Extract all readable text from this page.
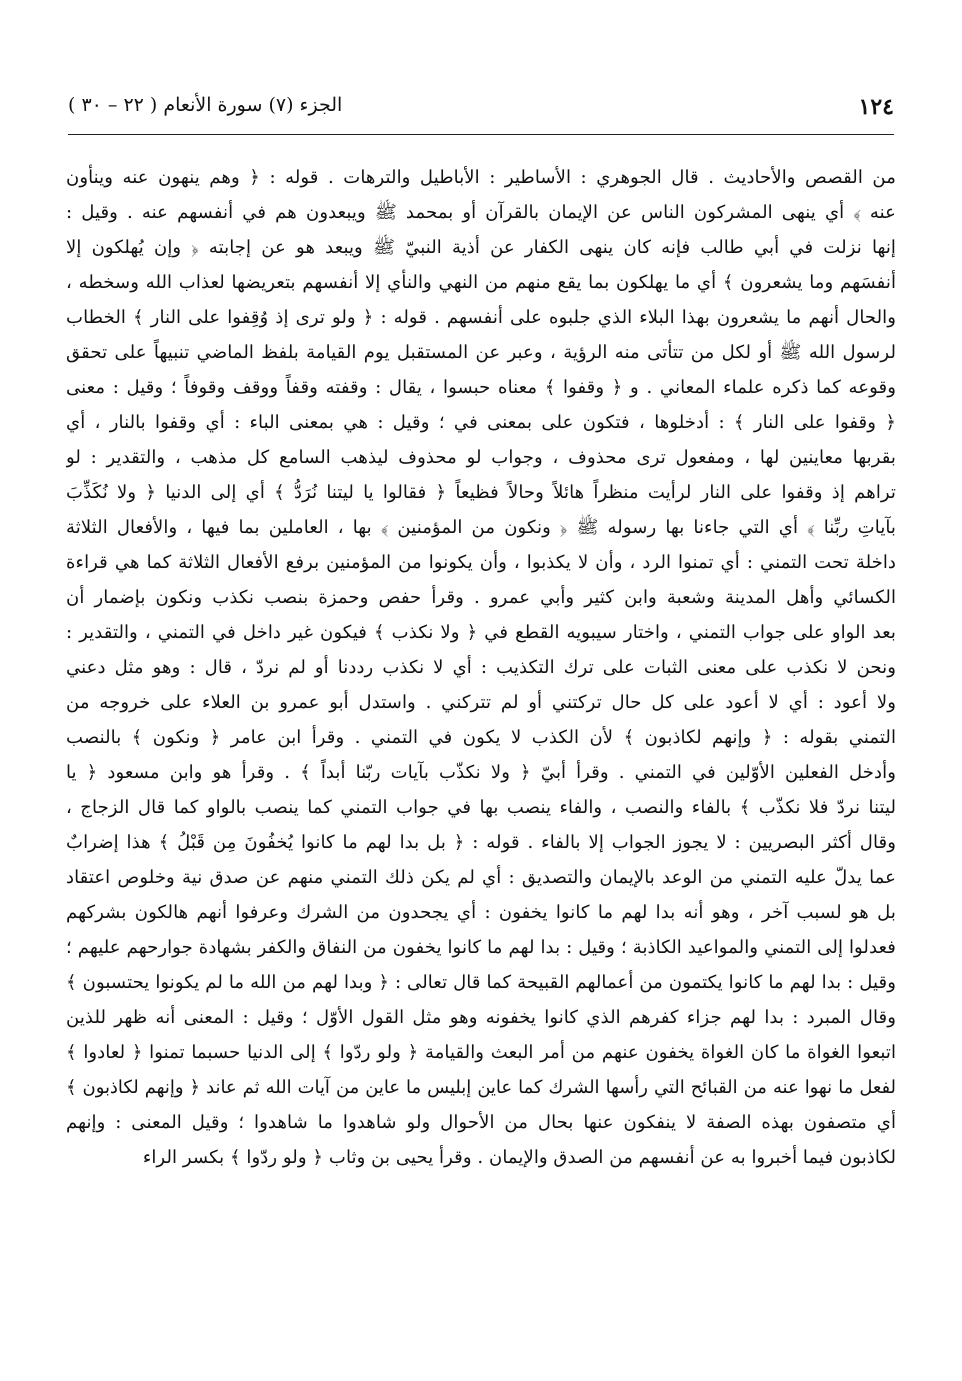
١٢٤
الجزء (٧) سورة الأنعام ( ٢٢ – ٣٠ )
من القصص والأحاديث . قال الجوهري : الأساطير : الأباطيل والترهات . قوله : ﴿ وهم ينهون عنه وينأون
عنه ﴾ أي ينهى المشركون الناس عن الإيمان بالقرآن أو بمحمد ﷺ ويبعدون هم في أنفسهم عنه . وقيل :
إنها نزلت في أبي طالب فإنه كان ينهى الكفار عن أذية النبيّ ﷺ ويبعد هو عن إجابته ﴿ وإن يُهلكون إلا
أنفسَهم وما يشعرون ﴾ أي ما يهلكون بما يقع منهم من النهي والنأي إلا أنفسهم بتعريضها لعذاب الله وسخطه ،
والحال أنهم ما يشعرون بهذا البلاء الذي جلبوه على أنفسهم . قوله : ﴿ ولو ترى إذ وُقِفوا على النار ﴾ الخطاب
لرسول الله ﷺ أو لكل من تتأتى منه الرؤية ، وعبر عن المستقبل يوم القيامة بلفظ الماضي تنبيهاً على تحقق
وقوعه كما ذكره علماء المعاني . و ﴿ وقفوا ﴾ معناه حبسوا ، يقال : وقفته وقفاً ووقف وقوفاً ؛ وقيل : معنى
﴿ وقفوا على النار ﴾ : أدخلوها ، فتكون على بمعنى في ؛ وقيل : هي بمعنى الباء : أي وقفوا بالنار ، أي
بقربها معاينين لها ، ومفعول ترى محذوف ، وجواب لو محذوف ليذهب السامع كل مذهب ، والتقدير : لو
تراهم إذ وقفوا على النار لرأيت منظراً هائلاً وحالاً فظيعاً ﴿ فقالوا يا ليتنا نُرَدُّ ﴾ أي إلى الدنيا ﴿ ولا نُكَذِّبَ
بآياتِ ربِّنا ﴾ أي التي جاءنا بها رسوله ﷺ ﴿ ونكون من المؤمنين ﴾ بها ، العاملين بما فيها ، والأفعال الثلاثة
داخلة تحت التمني : أي تمنوا الرد ، وأن لا يكذبوا ، وأن يكونوا من المؤمنين برفع الأفعال الثلاثة كما هي قراءة
الكسائي وأهل المدينة وشعبة وابن كثير وأبي عمرو . وقرأ حفص وحمزة بنصب نكذب ونكون بإضمار أن
بعد الواو على جواب التمني ، واختار سيبويه القطع في ﴿ ولا نكذب ﴾ فيكون غير داخل في التمني ، والتقدير :
ونحن لا نكذب على معنى الثبات على ترك التكذيب : أي لا نكذب رددنا أو لم نردّ ، قال : وهو مثل دعني
ولا أعود : أي لا أعود على كل حال تركتني أو لم تتركني . واستدل أبو عمرو بن العلاء على خروجه من
التمني بقوله : ﴿ وإنهم لكاذبون ﴾ لأن الكذب لا يكون في التمني . وقرأ ابن عامر ﴿ ونكون ﴾ بالنصب
وأدخل الفعلين الأوّلين في التمني . وقرأ أبيّ ﴿ ولا نكذّب بآيات ربّنا أبداً ﴾ . وقرأ هو وابن مسعود ﴿ يا
ليتنا نردّ فلا نكذّب ﴾ بالفاء والنصب ، والفاء ينصب بها في جواب التمني كما ينصب بالواو كما قال الزجاج ،
وقال أكثر البصريين : لا يجوز الجواب إلا بالفاء . قوله : ﴿ بل بدا لهم ما كانوا يُخفُونَ مِن قَبْلُ ﴾ هذا إضرابٌ
عما يدلّ عليه التمني من الوعد بالإيمان والتصديق : أي لم يكن ذلك التمني منهم عن صدق نية وخلوص اعتقاد
بل هو لسبب آخر ، وهو أنه بدا لهم ما كانوا يخفون : أي يجحدون من الشرك وعرفوا أنهم هالكون بشركهم
فعدلوا إلى التمني والمواعيد الكاذبة ؛ وقيل : بدا لهم ما كانوا يخفون من النفاق والكفر بشهادة جوارحهم عليهم ؛
وقيل : بدا لهم ما كانوا يكتمون من أعمالهم القبيحة كما قال تعالى : ﴿ وبدا لهم من الله ما لم يكونوا يحتسبون ﴾
وقال المبرد : بدا لهم جزاء كفرهم الذي كانوا يخفونه وهو مثل القول الأوّل ؛ وقيل : المعنى أنه ظهر للذين
اتبعوا الغواة ما كان الغواة يخفون عنهم من أمر البعث والقيامة ﴿ ولو ردّوا ﴾ إلى الدنيا حسبما تمنوا ﴿ لعادوا ﴾
لفعل ما نهوا عنه من القبائح التي رأسها الشرك كما عاين إبليس ما عاين من آيات الله ثم عاند ﴿ وإنهم لكاذبون ﴾
أي متصفون بهذه الصفة لا ينفكون عنها بحال من الأحوال ولو شاهدوا ما شاهدوا ؛ وقيل المعنى : وإنهم
لكاذبون فيما أخبروا به عن أنفسهم من الصدق والإيمان . وقرأ يحيى بن وثاب ﴿ ولو ردّوا ﴾ بكسر الراء
